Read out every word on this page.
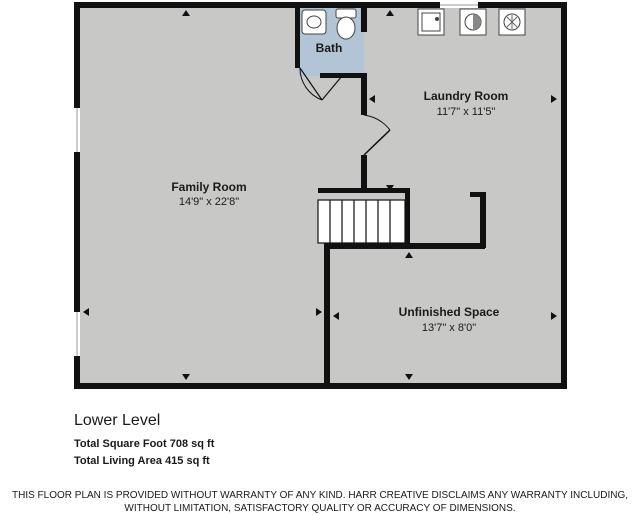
Family Room
14'9" x 22'8"
Laundry Room
11'7" x 11'5"
Unfinished Space
13'7" x 8'0"
Bath
Lower Level
Total Square Foot 708 sq ft
Total Living Area 415 sq ft
THIS FLOOR PLAN IS PROVIDED WITHOUT WARRANTY OF ANY KIND. HARR CREATIVE DISCLAIMS ANY WARRANTY INCLUDING,
WITHOUT LIMITATION, SATISFACTORY QUALITY OR ACCURACY OF DIMENSIONS.
